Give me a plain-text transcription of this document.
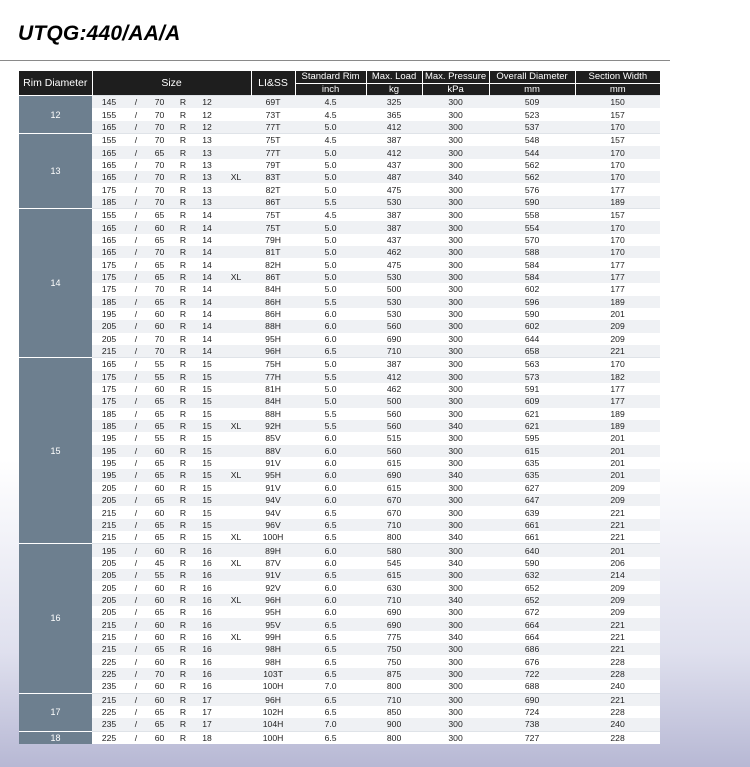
UTQG:440/AA/A
Rim Diameter	Size						LI&SS	Standard Rim	Max. Load	Max. Pressure	Overall Diameter	Section Width
								inch	kg	kPa	mm	mm
12	145	/	70	R	12		69T	4.5	325	300	509	150
	155	/	70	R	12		73T	4.5	365	300	523	157
	165	/	70	R	12		77T	5.0	412	300	537	170
13	155	/	70	R	13		75T	4.5	387	300	548	157
	165	/	65	R	13		77T	5.0	412	300	544	170
	165	/	70	R	13		79T	5.0	437	300	562	170
	165	/	70	R	13	XL	83T	5.0	487	340	562	170
	175	/	70	R	13		82T	5.0	475	300	576	177
	185	/	70	R	13		86T	5.5	530	300	590	189
14	155	/	65	R	14		75T	4.5	387	300	558	157
	165	/	60	R	14		75T	5.0	387	300	554	170
	165	/	65	R	14		79H	5.0	437	300	570	170
	165	/	70	R	14		81T	5.0	462	300	588	170
	175	/	65	R	14		82H	5.0	475	300	584	177
	175	/	65	R	14	XL	86T	5.0	530	300	584	177
	175	/	70	R	14		84H	5.0	500	300	602	177
	185	/	65	R	14		86H	5.5	530	300	596	189
	195	/	60	R	14		86H	6.0	530	300	590	201
	205	/	60	R	14		88H	6.0	560	300	602	209
	205	/	70	R	14		95H	6.0	690	300	644	209
	215	/	70	R	14		96H	6.5	710	300	658	221
15	165	/	55	R	15		75H	5.0	387	300	563	170
	175	/	55	R	15		77H	5.5	412	300	573	182
	175	/	60	R	15		81H	5.0	462	300	591	177
	175	/	65	R	15		84H	5.0	500	300	609	177
	185	/	65	R	15		88H	5.5	560	300	621	189
	185	/	65	R	15	XL	92H	5.5	560	340	621	189
	195	/	55	R	15		85V	6.0	515	300	595	201
	195	/	60	R	15		88V	6.0	560	300	615	201
	195	/	65	R	15		91V	6.0	615	300	635	201
	195	/	65	R	15	XL	95H	6.0	690	340	635	201
	205	/	60	R	15		91V	6.0	615	300	627	209
	205	/	65	R	15		94V	6.0	670	300	647	209
	215	/	60	R	15		94V	6.5	670	300	639	221
	215	/	65	R	15		96V	6.5	710	300	661	221
	215	/	65	R	15	XL	100H	6.5	800	340	661	221
16	195	/	60	R	16		89H	6.0	580	300	640	201
	205	/	45	R	16	XL	87V	6.0	545	340	590	206
	205	/	55	R	16		91V	6.5	615	300	632	214
	205	/	60	R	16		92V	6.0	630	300	652	209
	205	/	60	R	16	XL	96H	6.0	710	340	652	209
	205	/	65	R	16		95H	6.0	690	300	672	209
	215	/	60	R	16		95V	6.5	690	300	664	221
	215	/	60	R	16	XL	99H	6.5	775	340	664	221
	215	/	65	R	16		98H	6.5	750	300	686	221
	225	/	60	R	16		98H	6.5	750	300	676	228
	225	/	70	R	16		103T	6.5	875	300	722	228
	235	/	60	R	16		100H	7.0	800	300	688	240
17	215	/	60	R	17		96H	6.5	710	300	690	221
	225	/	65	R	17		102H	6.5	850	300	724	228
	235	/	65	R	17		104H	7.0	900	300	738	240
18	225	/	60	R	18		100H	6.5	800	300	727	228
